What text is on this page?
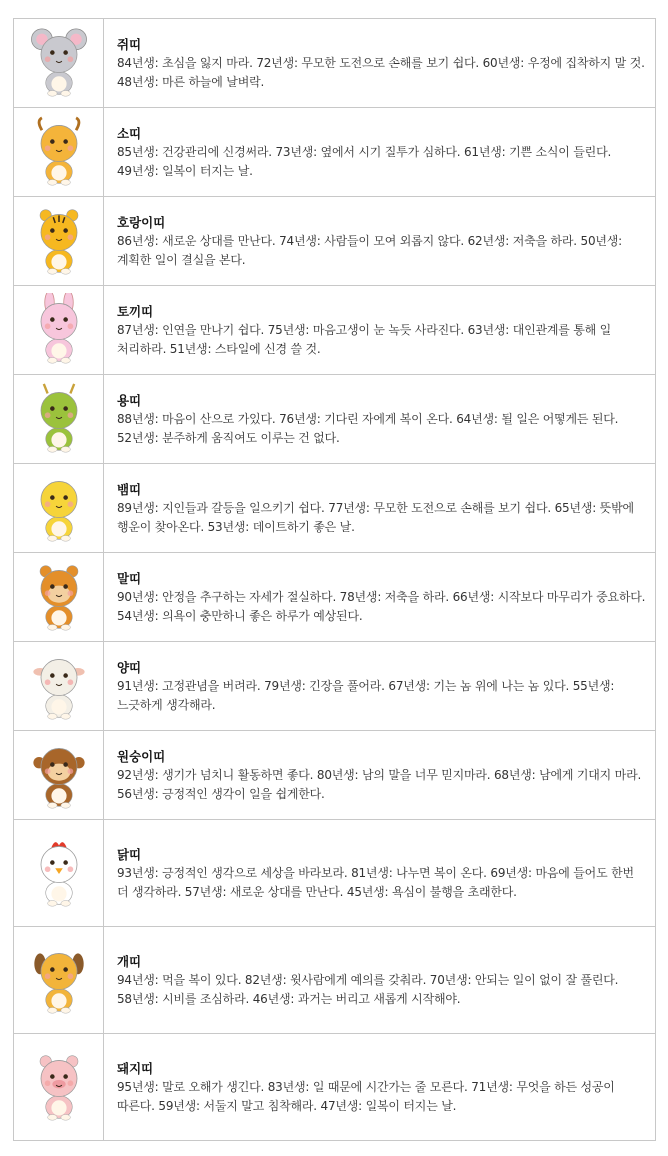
쥐띠
84년생: 초심을 잃지 마라. 72년생: 무모한 도전으로 손해를 보기 쉽다. 60년생: 우정에 집착하지 말 것. 48년생: 마른 하늘에 날벼락.

소띠
85년생: 건강관리에 신경써라. 73년생: 옆에서 시기 질투가 심하다. 61년생: 기쁜 소식이 들린다. 49년생: 일복이 터지는 날.

호랑이띠
86년생: 새로운 상대를 만난다. 74년생: 사람들이 모여 외롭지 않다. 62년생: 저축을 하라. 50년생: 계획한 일이 결실을 본다.

토끼띠
87년생: 인연을 만나기 쉽다. 75년생: 마음고생이 눈 녹듯 사라진다. 63년생: 대인관계를 통해 일 처리하라. 51년생: 스타일에 신경 쓸 것.

용띠
88년생: 마음이 산으로 가있다. 76년생: 기다린 자에게 복이 온다. 64년생: 될 일은 어떻게든 된다. 52년생: 분주하게 움직여도 이루는 건 없다.

뱀띠
89년생: 지인들과 갈등을 일으키기 쉽다. 77년생: 무모한 도전으로 손해를 보기 쉽다. 65년생: 뜻밖에 행운이 찾아온다. 53년생: 데이트하기 좋은 날.

말띠
90년생: 안정을 추구하는 자세가 절실하다. 78년생: 저축을 하라. 66년생: 시작보다 마무리가 중요하다. 54년생: 의욕이 충만하니 좋은 하루가 예상된다.

양띠
91년생: 고정관념을 버려라. 79년생: 긴장을 풀어라. 67년생: 기는 놈 위에 나는 놈 있다. 55년생: 느긋하게 생각해라.

원숭이띠
92년생: 생기가 넘치니 활동하면 좋다. 80년생: 남의 말을 너무 믿지마라. 68년생: 남에게 기대지 마라. 56년생: 긍정적인 생각이 일을 쉽게한다.

닭띠
93년생: 긍정적인 생각으로 세상을 바라보라. 81년생: 나누면 복이 온다. 69년생: 마음에 들어도 한번 더 생각하라. 57년생: 새로운 상대를 만난다. 45년생: 욕심이 불행을 초래한다.

개띠
94년생: 먹을 복이 있다. 82년생: 윗사람에게 예의를 갖춰라. 70년생: 안되는 일이 없이 잘 풀린다. 58년생: 시비를 조심하라. 46년생: 과거는 버리고 새롭게 시작해야.

돼지띠
95년생: 말로 오해가 생긴다. 83년생: 일 때문에 시간가는 줄 모른다. 71년생: 무엇을 하든 성공이 따른다. 59년생: 서둘지 말고 침착해라. 47년생: 일복이 터지는 날.
